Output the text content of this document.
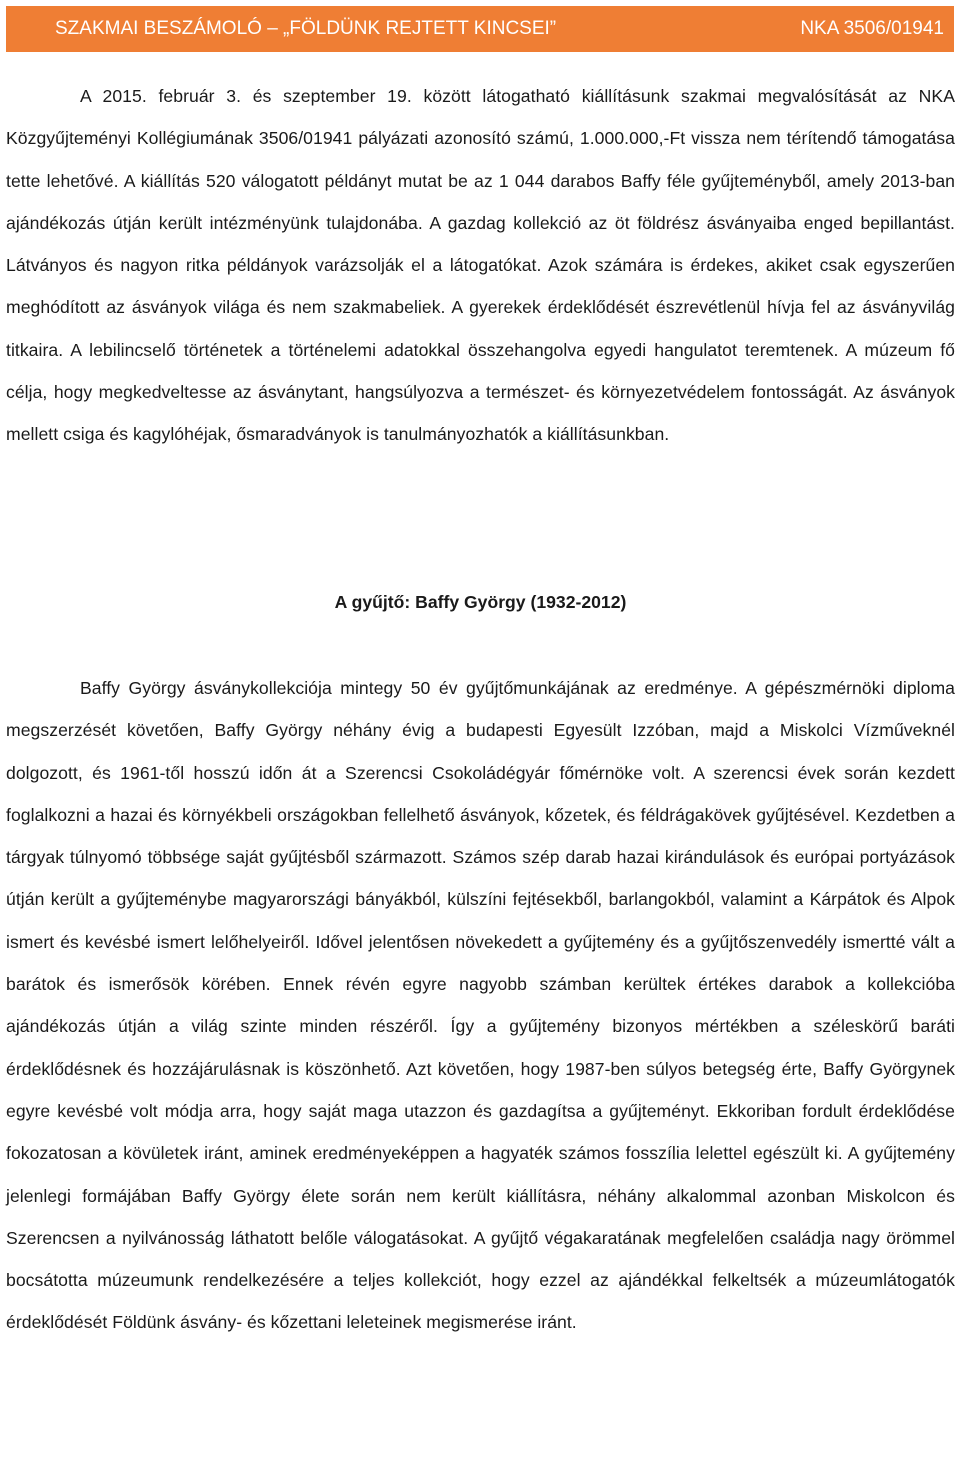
SZAKMAI BESZÁMOLÓ – „FÖLDÜNK REJTETT KINCSEI”	NKA 3506/01941

A 2015. február 3. és szeptember 19. között látogatható kiállításunk szakmai megvalósítását az NKA Közgyűjteményi Kollégiumának 3506/01941 pályázati azonosító számú, 1.000.000,-Ft vissza nem térítendő támogatása tette lehetővé. A kiállítás 520 válogatott példányt mutat be az 1 044 darabos Baffy féle gyűjteményből, amely 2013-ban ajándékozás útján került intézményünk tulajdonába. A gazdag kollekció az öt földrész ásványaiba enged bepillantást. Látványos és nagyon ritka példányok varázsolják el a látogatókat. Azok számára is érdekes, akiket csak egyszerűen meghódított az ásványok világa és nem szakmabeliek. A gyerekek érdeklődését észrevétlenül hívja fel az ásványvilág titkaira. A lebilincselő történetek a történelemi adatokkal összehangolva egyedi hangulatot teremtenek. A múzeum fő célja, hogy megkedveltesse az ásványtant, hangsúlyozva a természet- és környezetvédelem fontosságát. Az ásványok mellett csiga és kagylóhéjak, ősmaradványok is tanulmányozhatók a kiállításunkban.

A gyűjtő: Baffy György (1932-2012)

Baffy György ásványkollekciója mintegy 50 év gyűjtőmunkájának az eredménye. A gépészmérnöki diploma megszerzését követően, Baffy György néhány évig a budapesti Egyesült Izzóban, majd a Miskolci Vízműveknél dolgozott, és 1961-től hosszú időn át a Szerencsi Csokoládégyár főmérnöke volt. A szerencsi évek során kezdett foglalkozni a hazai és környékbeli országokban fellelhető ásványok, kőzetek, és féldrágakövek gyűjtésével. Kezdetben a tárgyak túlnyomó többsége saját gyűjtésből származott. Számos szép darab hazai kirándulások és európai portyázások útján került a gyűjteménybe magyarországi bányákból, külszíni fejtésekből, barlangokból, valamint a Kárpátok és Alpok ismert és kevésbé ismert lelőhelyeiről. Idővel jelentősen növekedett a gyűjtemény és a gyűjtőszenvedély ismertté vált a barátok és ismerősök körében. Ennek révén egyre nagyobb számban kerültek értékes darabok a kollekcióba ajándékozás útján a világ szinte minden részéről. Így a gyűjtemény bizonyos mértékben a széleskörű baráti érdeklődésnek és hozzájárulásnak is köszönhető. Azt követően, hogy 1987-ben súlyos betegség érte, Baffy Györgynek egyre kevésbé volt módja arra, hogy saját maga utazzon és gazdagítsa a gyűjteményt. Ekkoriban fordult érdeklődése fokozatosan a kövületek iránt, aminek eredményeképpen a hagyaték számos fosszília lelettel egészült ki. A gyűjtemény jelenlegi formájában Baffy György élete során nem került kiállításra, néhány alkalommal azonban Miskolcon és Szerencsen a nyilvánosság láthatott belőle válogatásokat. A gyűjtő végakaratának megfelelően családja nagy örömmel bocsátotta múzeumunk rendelkezésére a teljes kollekciót, hogy ezzel az ajándékkal felkeltsék a múzeumlátogatók érdeklődését Földünk ásvány- és kőzettani leleteinek megismerése iránt.
